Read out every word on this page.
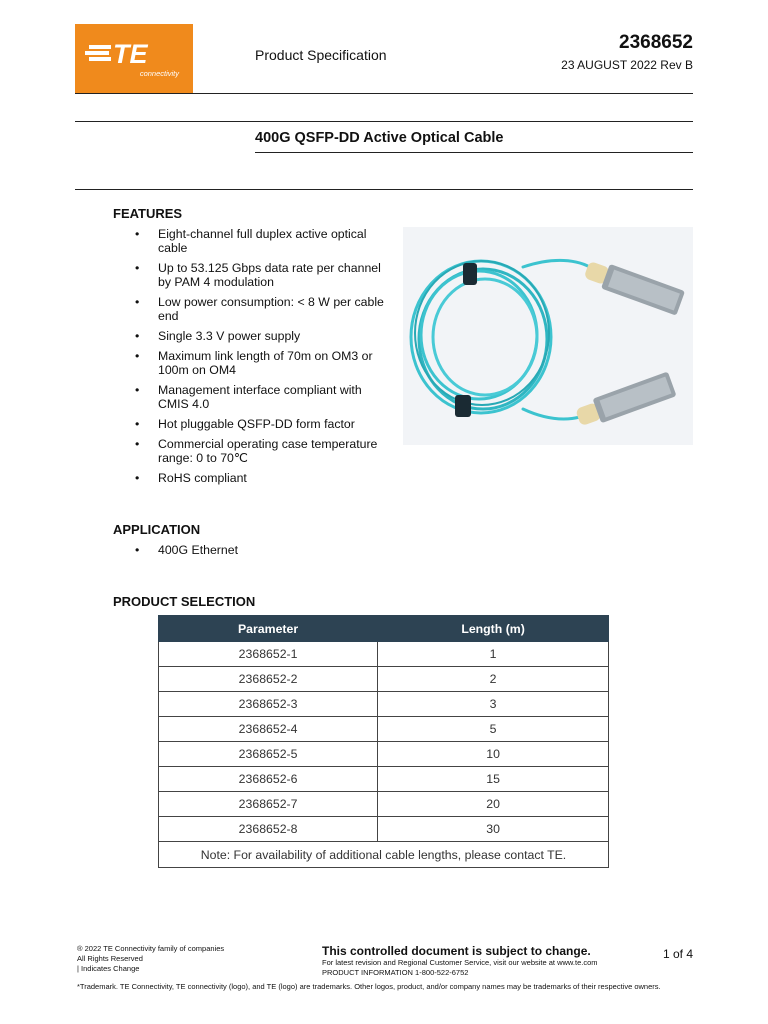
TE
connectivity
Product Specification
2368652
23 AUGUST 2022 Rev B
400G QSFP-DD Active Optical Cable
FEATURES
• Eight-channel full duplex active optical
cable
• Up to 53.125 Gbps data rate per channel
by PAM 4 modulation
• Low power consumption: < 8 W per cable
end
• Single 3.3 V power supply
• Maximum link length of 70m on OM3 or
100m on OM4
• Management interface compliant with
CMIS 4.0
• Hot pluggable QSFP-DD form factor
• Commercial operating case temperature
range: 0 to 70℃
• RoHS compliant
APPLICATION
• 400G Ethernet
PRODUCT SELECTION
Parameter	Length (m)
2368652-1	1
2368652-2	2
2368652-3	3
2368652-4	5
2368652-5	10
2368652-6	15
2368652-7	20
2368652-8	30
Note: For availability of additional cable lengths, please contact TE.	
® 2022 TE Connectivity family of companies
All Rights Reserved
| Indicates Change
This controlled document is subject to change.
For latest revision and Regional Customer Service, visit our website at www.te.com
PRODUCT INFORMATION 1-800-522-6752
1 of 4
*Trademark. TE Connectivity, TE connectivity (logo), and TE (logo) are trademarks. Other logos, product, and/or company names may be trademarks of their respective owners.
